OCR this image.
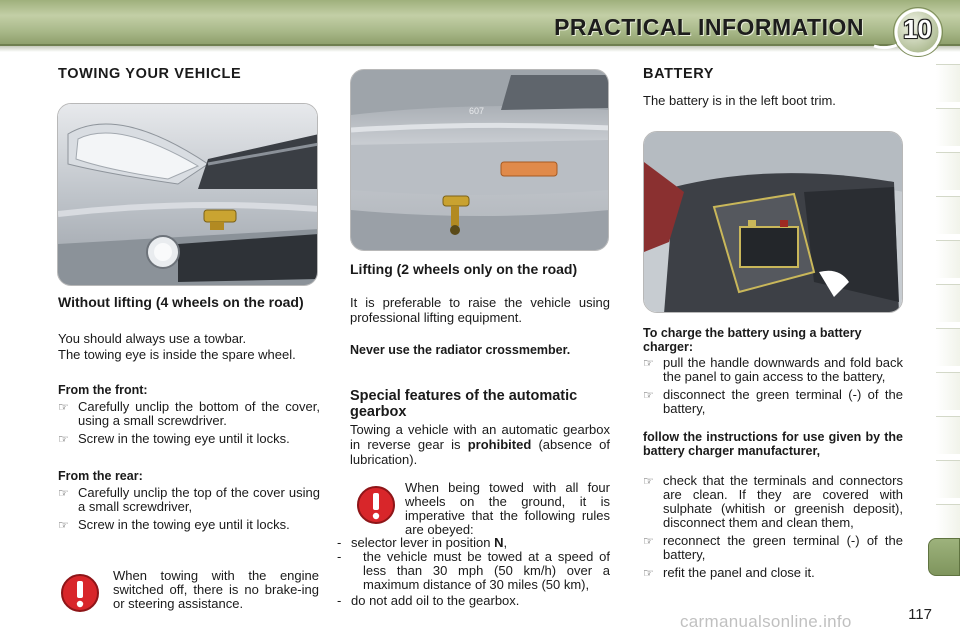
PRACTICAL INFORMATION 10
TOWING YOUR VEHICLE
Without lifting (4 wheels on the road)
You should always use a towbar.
The towing eye is inside the spare wheel.
From the front:
☞ Carefully unclip the bottom of the cover, using a small screwdriver.
☞ Screw in the towing eye until it locks.
From the rear:
☞ Carefully unclip the top of the cover using a small screwdriver,
☞ Screw in the towing eye until it locks.
When towing with the engine switched off, there is no brake-ing or steering assistance.
607
Lifting (2 wheels only on the road)
It is preferable to raise the vehicle using professional lifting equipment.
Never use the radiator crossmember.
Special features of the automatic gearbox
Towing a vehicle with an automatic gearbox in reverse gear is prohibited (absence of lubrication).
When being towed with all four wheels on the ground, it is imperative that the following rules are obeyed:
- selector lever in position N,
- the vehicle must be towed at a speed of less than 30 mph (50 km/h) over a maximum distance of 30 miles (50 km),
- do not add oil to the gearbox.
BATTERY
The battery is in the left boot trim.
To charge the battery using a battery charger:
☞ pull the handle downwards and fold back the panel to gain access to the battery,
☞ disconnect the green terminal (-) of the battery,
follow the instructions for use given by the battery charger manufacturer,
☞ check that the terminals and connectors are clean. If they are covered with sulphate (whitish or greenish deposit), disconnect them and clean them,
☞ reconnect the green terminal (-) of the battery,
☞ refit the panel and close it.
carmanualsonline.info	117
